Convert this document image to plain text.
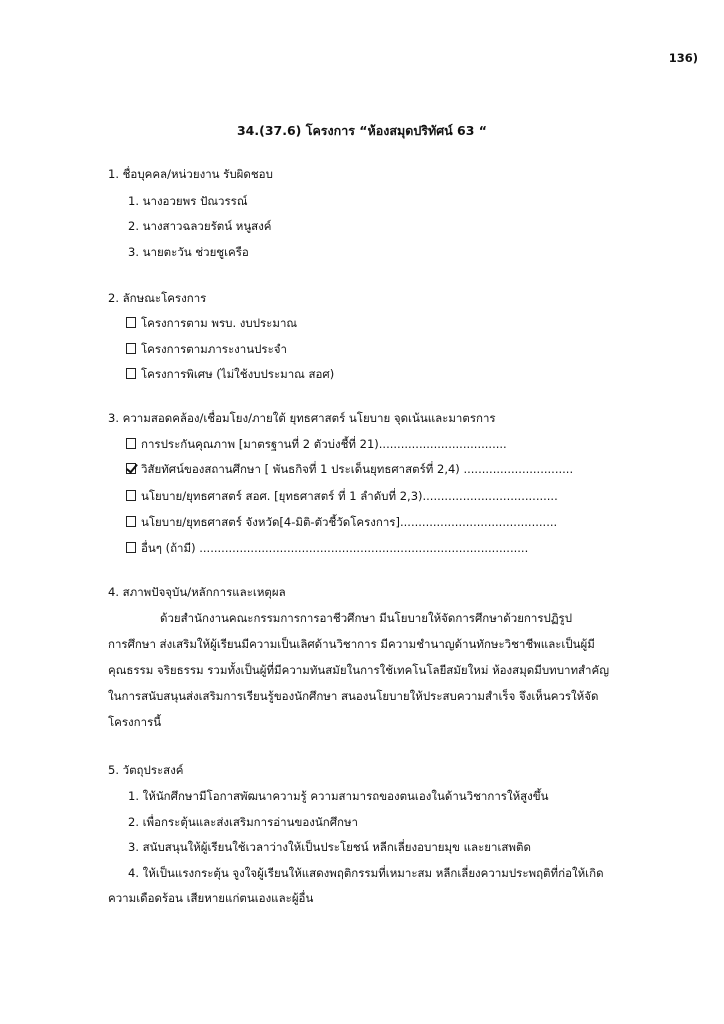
136)
34.(37.6) โครงการ “ห้องสมุดปริทัศน์ 63 “
1. ชื่อบุคคล/หน่วยงาน รับผิดชอบ
1. นางอวยพร ปัณวรรณ์
2. นางสาวฉลวยรัตน์ หนูสงค์
3. นายตะวัน ช่วยชูเครือ
2. ลักษณะโครงการ
โครงการตาม พรบ. งบประมาณ
โครงการตามภาระงานประจำ
โครงการพิเศษ (ไม่ใช้งบประมาณ สอศ)
3. ความสอดคล้อง/เชื่อมโยง/ภายใต้ ยุทธศาสตร์ นโยบาย จุดเน้นและมาตรการ
การประกันคุณภาพ [มาตรฐานที่ 2 ตัวบ่งชี้ที่ 21)...................................
วิสัยทัศน์ของสถานศึกษา [ พันธกิจที่ 1 ประเด็นยุทธศาสตร์ที่ 2,4) ..............................
นโยบาย/ยุทธศาสตร์ สอศ. [ยุทธศาสตร์ ที่ 1 ลำดับที่ 2,3).....................................
นโยบาย/ยุทธศาสตร์ จังหวัด[4-มิติ-ตัวชี้วัดโครงการ]...........................................
อื่นๆ (ถ้ามี) ..........................................................................................
4. สภาพปัจจุบัน/หลักการและเหตุผล
ด้วยสำนักงานคณะกรรมการการอาชีวศึกษา มีนโยบายให้จัดการศึกษาด้วยการปฏิรูป
การศึกษา ส่งเสริมให้ผู้เรียนมีความเป็นเลิศด้านวิชาการ มีความชำนาญด้านทักษะวิชาชีพและเป็นผู้มี
คุณธรรม จริยธรรม รวมทั้งเป็นผู้ที่มีความทันสมัยในการใช้เทคโนโลยีสมัยใหม่ ห้องสมุดมีบทบาทสำคัญ
ในการสนับสนุนส่งเสริมการเรียนรู้ของนักศึกษา สนองนโยบายให้ประสบความสำเร็จ จึงเห็นควรให้จัด
โครงการนี้
5. วัตถุประสงค์
1. ให้นักศึกษามีโอกาสพัฒนาความรู้ ความสามารถของตนเองในด้านวิชาการให้สูงขึ้น
2. เพื่อกระตุ้นและส่งเสริมการอ่านของนักศึกษา
3. สนับสนุนให้ผู้เรียนใช้เวลาว่างให้เป็นประโยชน์ หลีกเลี่ยงอบายมุข และยาเสพติด
4. ให้เป็นแรงกระตุ้น จูงใจผู้เรียนให้แสดงพฤติกรรมที่เหมาะสม หลีกเลี่ยงความประพฤติที่ก่อให้เกิด
ความเดือดร้อน เสียหายแก่ตนเองและผู้อื่น
